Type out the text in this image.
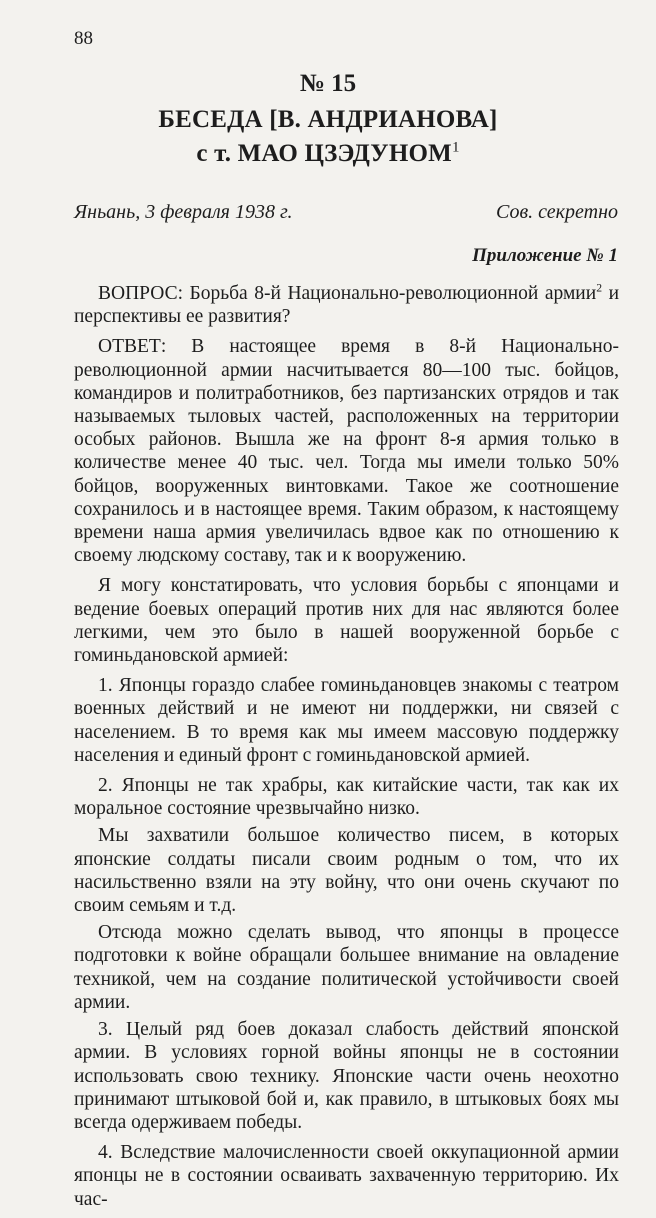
88
№ 15
БЕСЕДА [В. АНДРИАНОВА]
с т. МАО ЦЗЭДУНОМ$^1$
Яньань, 3 февраля 1938 г.	Сов. секретно
Приложение № 1

ВОПРОС: Борьба 8-й Национально-революционной армии$^2$ и перспективы ее развития?

ОТВЕТ: В настоящее время в 8-й Национально-революционной армии насчитывается 80—100 тыс. бойцов, командиров и политработников, без партизанских отрядов и так называемых тыловых частей, расположенных на территории особых районов. Вышла же на фронт 8-я армия только в количестве менее 40 тыс. чел. Тогда мы имели только 50% бойцов, вооруженных винтовками. Такое же соотношение сохранилось и в настоящее время. Таким образом, к настоящему времени наша армия увеличилась вдвое как по отношению к своему людскому составу, так и к вооружению.

Я могу констатировать, что условия борьбы с японцами и ведение боевых операций против них для нас являются более легкими, чем это было в нашей вооруженной борьбе с гоминьдановской армией:

1. Японцы гораздо слабее гоминьдановцев знакомы с театром военных действий и не имеют ни поддержки, ни связей с населением. В то время как мы имеем массовую поддержку населения и единый фронт с гоминьдановской армией.

2. Японцы не так храбры, как китайские части, так как их моральное состояние чрезвычайно низко.

Мы захватили большое количество писем, в которых японские солдаты писали своим родным о том, что их насильственно взяли на эту войну, что они очень скучают по своим семьям и т.д.

Отсюда можно сделать вывод, что японцы в процессе подготовки к войне обращали большее внимание на овладение техникой, чем на создание политической устойчивости своей армии.

3. Целый ряд боев доказал слабость действий японской армии. В условиях горной войны японцы не в состоянии использовать свою технику. Японские части очень неохотно принимают штыковой бой и, как правило, в штыковых боях мы всегда одерживаем победы.

4. Вследствие малочисленности своей оккупационной армии японцы не в состоянии осваивать захваченную территорию. Их час-
